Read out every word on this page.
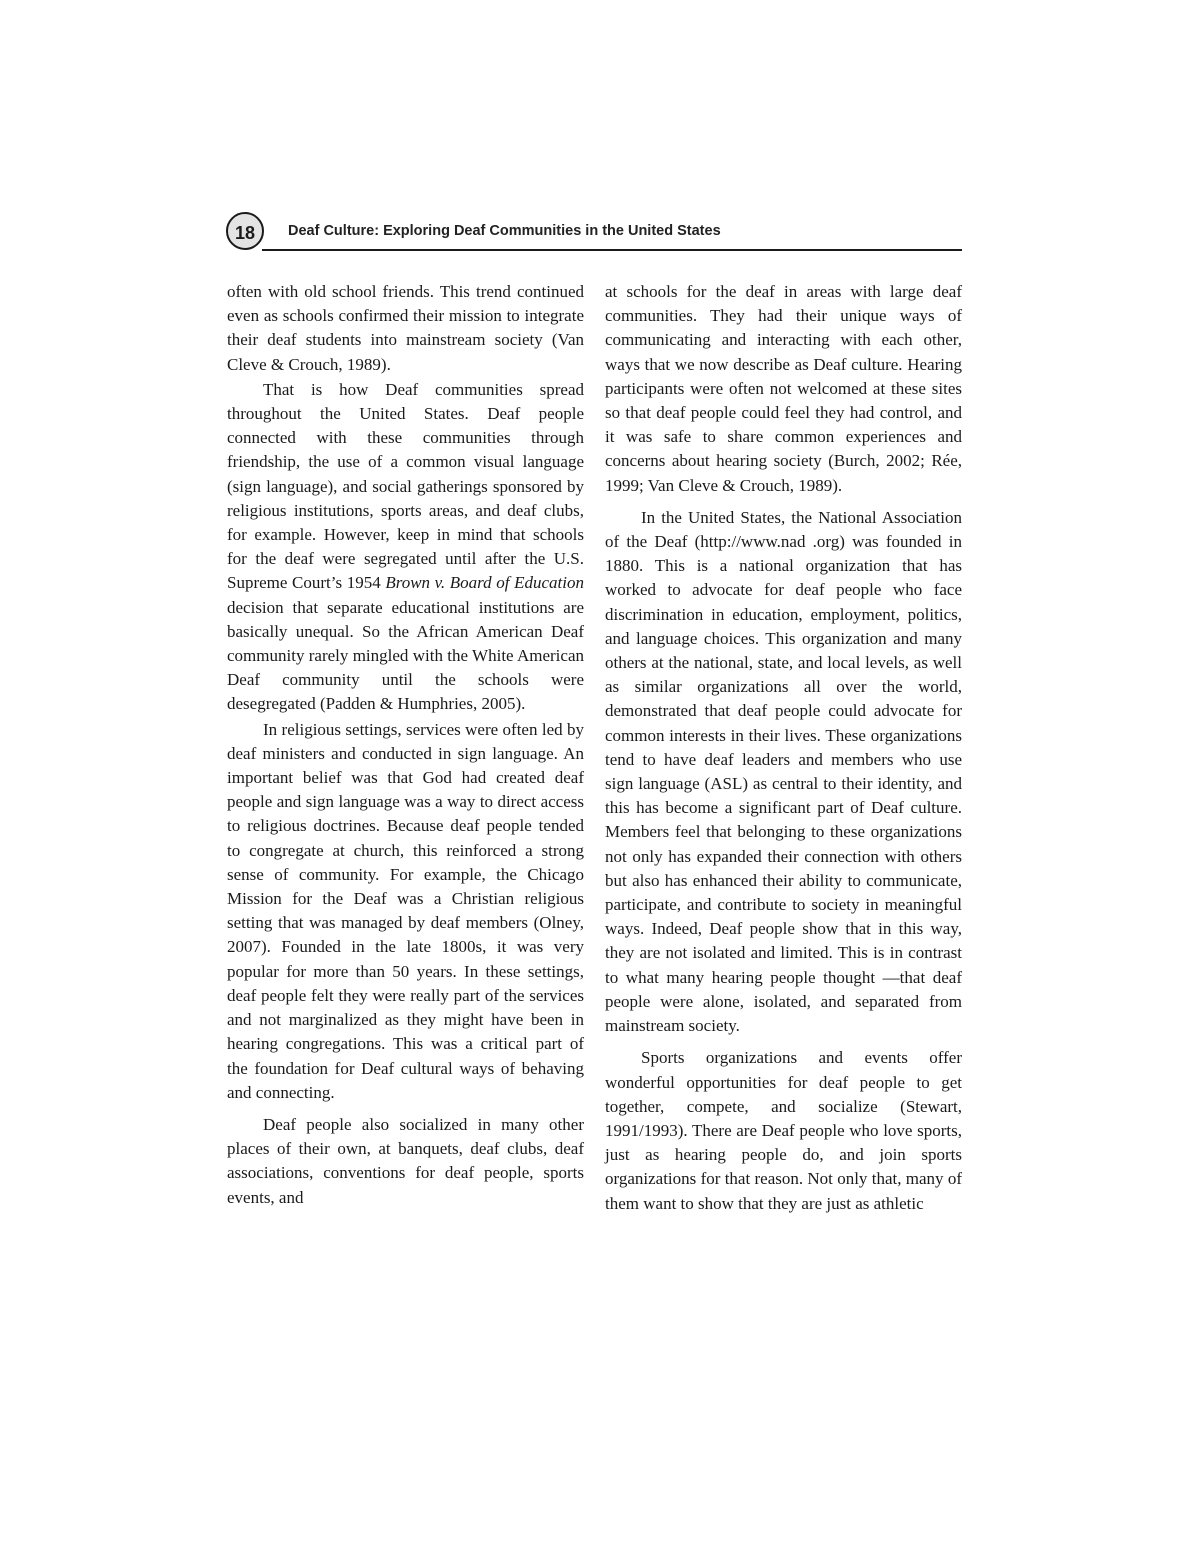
18	Deaf Culture: Exploring Deaf Communities in the United States

often with old school friends. This trend continued even as schools confirmed their mission to integrate their deaf students into mainstream society (Van Cleve & Crouch, 1989).

That is how Deaf communities spread throughout the United States. Deaf people connected with these communities through friendship, the use of a common visual language (sign language), and social gatherings sponsored by religious institutions, sports areas, and deaf clubs, for example. However, keep in mind that schools for the deaf were segregated until after the U.S. Supreme Court’s 1954 Brown v. Board of Education decision that separate educational institutions are basically unequal. So the African American Deaf community rarely mingled with the White American Deaf community until the schools were desegregated (Padden & Humphries, 2005).

In religious settings, services were often led by deaf ministers and conducted in sign language. An important belief was that God had created deaf people and sign language was a way to direct access to religious doctrines. Because deaf people tended to congregate at church, this reinforced a strong sense of community. For example, the Chicago Mission for the Deaf was a Christian religious setting that was managed by deaf members (Olney, 2007). Founded in the late 1800s, it was very popular for more than 50 years. In these settings, deaf people felt they were really part of the services and not marginalized as they might have been in hearing congregations. This was a critical part of the foundation for Deaf cultural ways of behaving and connecting.

Deaf people also socialized in many other places of their own, at banquets, deaf clubs, deaf associations, conventions for deaf people, sports events, and

at schools for the deaf in areas with large deaf communities. They had their unique ways of communicating and interacting with each other, ways that we now describe as Deaf culture. Hearing participants were often not welcomed at these sites so that deaf people could feel they had control, and it was safe to share common experiences and concerns about hearing society (Burch, 2002; Rée, 1999; Van Cleve & Crouch, 1989).

In the United States, the National Association of the Deaf (http://www.nad .org) was founded in 1880. This is a national organization that has worked to advocate for deaf people who face discrimination in education, employment, politics, and language choices. This organization and many others at the national, state, and local levels, as well as similar organizations all over the world, demonstrated that deaf people could advocate for common interests in their lives. These organizations tend to have deaf leaders and members who use sign language (ASL) as central to their identity, and this has become a significant part of Deaf culture. Members feel that belonging to these organizations not only has expanded their connection with others but also has enhanced their ability to communicate, participate, and contribute to society in meaningful ways. Indeed, Deaf people show that in this way, they are not isolated and limited. This is in contrast to what many hearing people thought —that deaf people were alone, isolated, and separated from mainstream society.

Sports organizations and events offer wonderful opportunities for deaf people to get together, compete, and socialize (Stewart, 1991/1993). There are Deaf people who love sports, just as hearing people do, and join sports organizations for that reason. Not only that, many of them want to show that they are just as athletic
